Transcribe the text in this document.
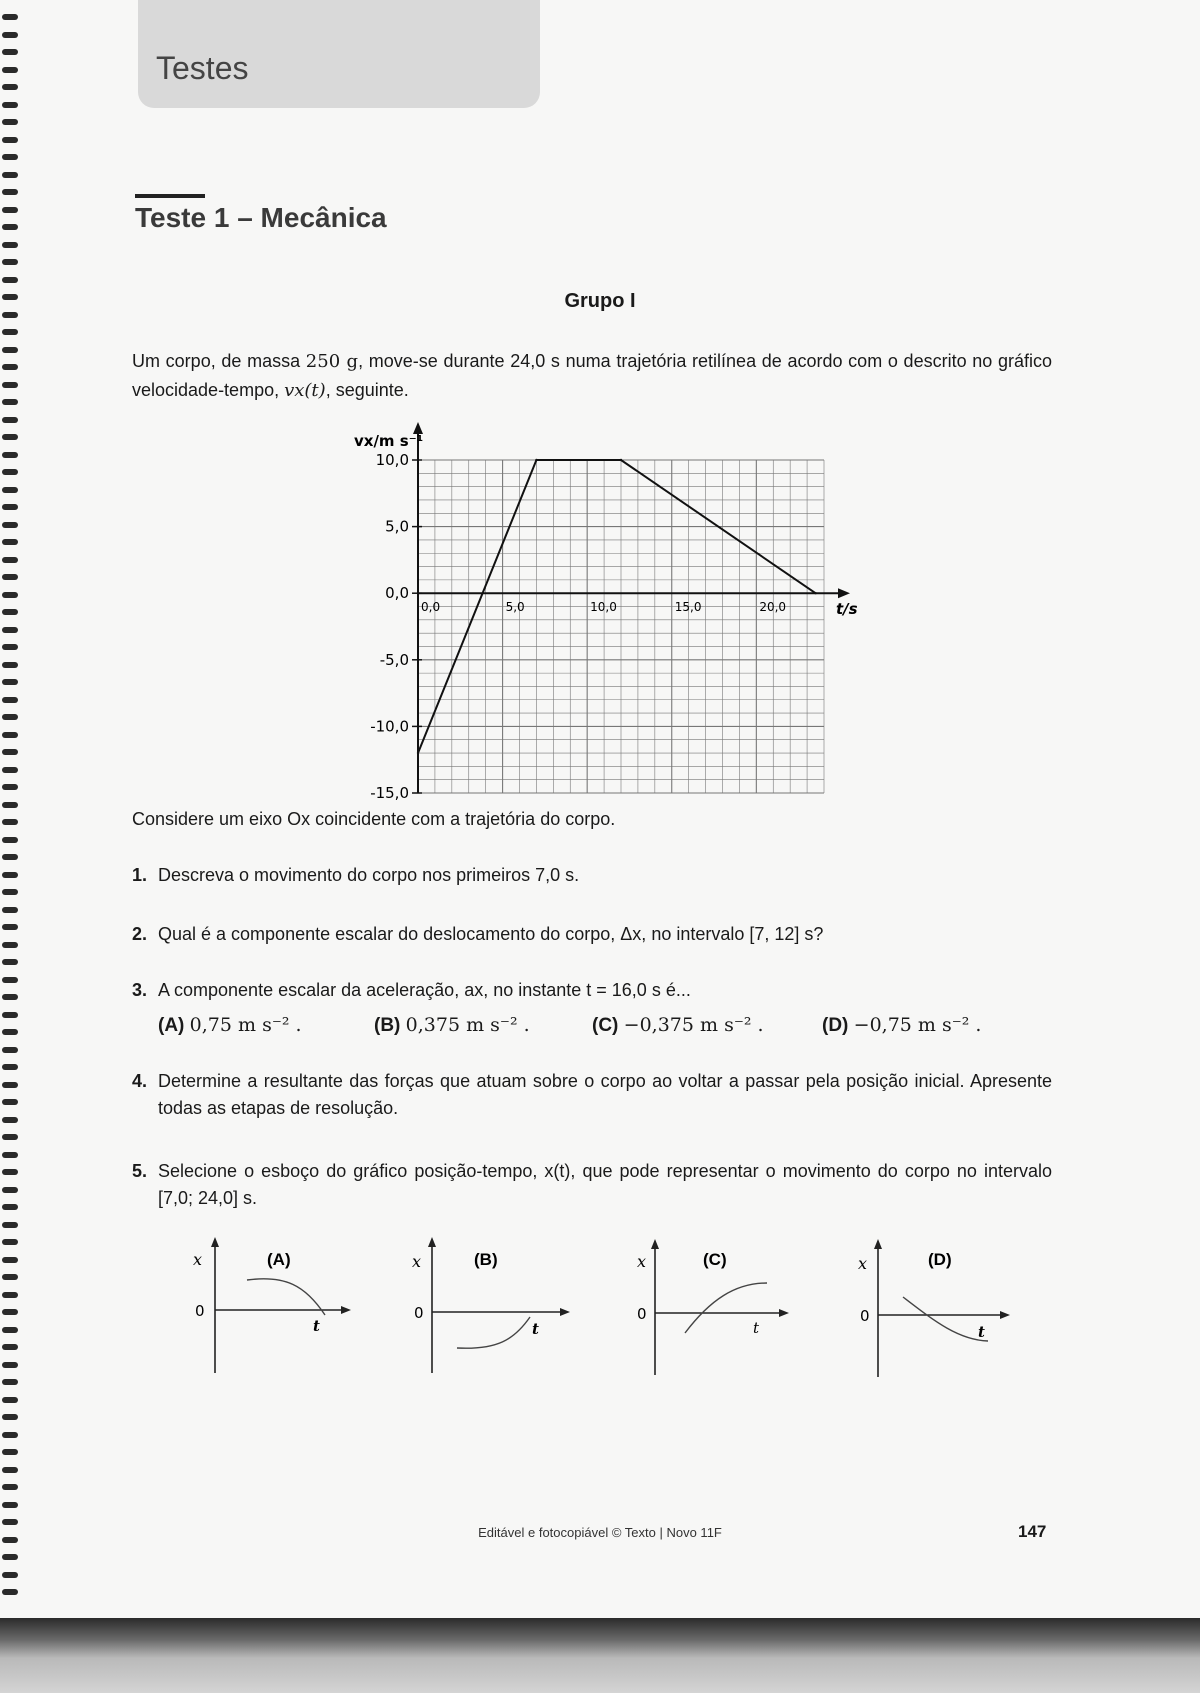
Testes
Teste 1 – Mecânica
Grupo I
Um corpo, de massa 250 g, move-se durante 24,0 s numa trajetória retilínea de acordo com o descrito no gráfico velocidade-tempo, vx(t), seguinte.
10,0
5,0
0,0
-5,0
-10,0
-15,0
0,0	5,0	10,0	15,0	20,0
vx/m s⁻¹
t/s
Considere um eixo Ox coincidente com a trajetória do corpo.
1. Descreva o movimento do corpo nos primeiros 7,0 s.
2. Qual é a componente escalar do deslocamento do corpo, Δx, no intervalo [7, 12] s?
3. A componente escalar da aceleração, ax, no instante t = 16,0 s é...
(A) 0,75 m s⁻² .	(B) 0,375 m s⁻² .	(C) −0,375 m s⁻² .	(D) −0,75 m s⁻² .
4. Determine a resultante das forças que atuam sobre o corpo ao voltar a passar pela posição inicial. Apresente todas as etapas de resolução.
5. Selecione o esboço do gráfico posição-tempo, x(t), que pode representar o movimento do corpo no intervalo [7,0; 24,0] s.
x
0
t
(A)	x
0
t
(B)	x
0
t
(C)	x
0
t
(D)
Editável e fotocopiável © Texto | Novo 11F	147
